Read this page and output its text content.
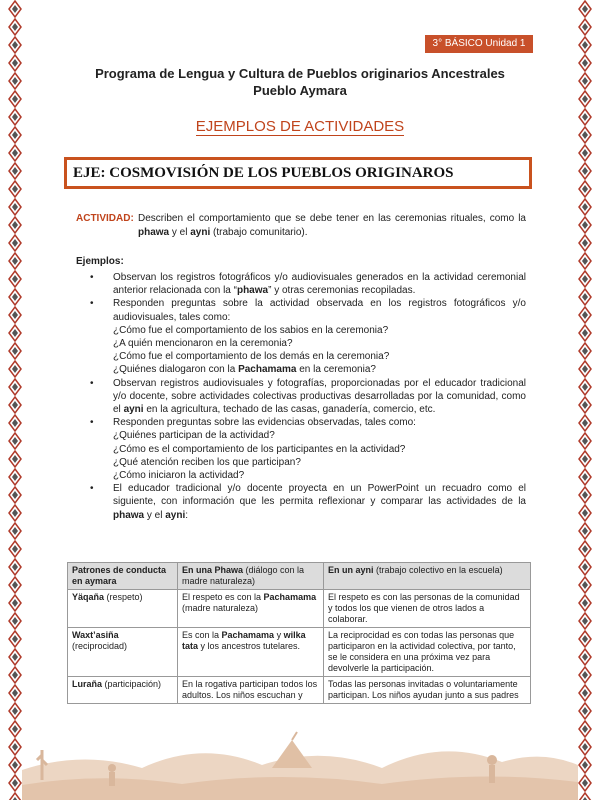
3° BÁSICO Unidad 1
Programa de Lengua y Cultura de Pueblos originarios Ancestrales
Pueblo Aymara
EJEMPLOS DE ACTIVIDADES
EJE: COSMOVISIÓN DE LOS PUEBLOS ORIGINAROS
ACTIVIDAD: Describen el comportamiento que se debe tener en las ceremonias rituales, como la phawa y el ayni (trabajo comunitario).
Ejemplos:
• Observan los registros fotográficos y/o audiovisuales generados en la actividad ceremonial anterior relacionada con la “phawa” y otras ceremonias recopiladas.
• Responden preguntas sobre la actividad observada en los registros fotográficos y/o audiovisuales, tales como:
¿Cómo fue el comportamiento de los sabios en la ceremonia?
¿A quién mencionaron en la ceremonia?
¿Cómo fue el comportamiento de los demás en la ceremonia?
¿Quiénes dialogaron con la Pachamama en la ceremonia?
• Observan registros audiovisuales y fotografías, proporcionadas por el educador tradicional y/o docente, sobre actividades colectivas productivas desarrolladas por la comunidad, como el ayni en la agricultura, techado de las casas, ganadería, comercio, etc.
• Responden preguntas sobre las evidencias observadas, tales como:
¿Quiénes participan de la actividad?
¿Cómo es el comportamiento de los participantes en la actividad?
¿Qué atención reciben los que participan?
¿Cómo iniciaron la actividad?
• El educador tradicional y/o docente proyecta en un PowerPoint un recuadro como el siguiente, con información que les permita reflexionar y comparar las actividades de la phawa y el ayni:
Patrones de conducta en aymara	En una Phawa (diálogo con la madre naturaleza)	En un ayni (trabajo colectivo en la escuela)
Yäqaña (respeto)	El respeto es con la Pachamama (madre naturaleza)	El respeto es con las personas de la comunidad y todos los que vienen de otros lados a colaborar.
Waxt’asiña (reciprocidad)	Es con la Pachamama y wilka tata y los ancestros tutelares.	La reciprocidad es con todas las personas que participaron en la actividad colectiva, por tanto, se le considera en una próxima vez para devolverle la participación.
Luraña (participación)	En la rogativa participan todos los adultos. Los niños escuchan y	Todas las personas invitadas o voluntariamente participan. Los niños ayudan junto a sus padres
